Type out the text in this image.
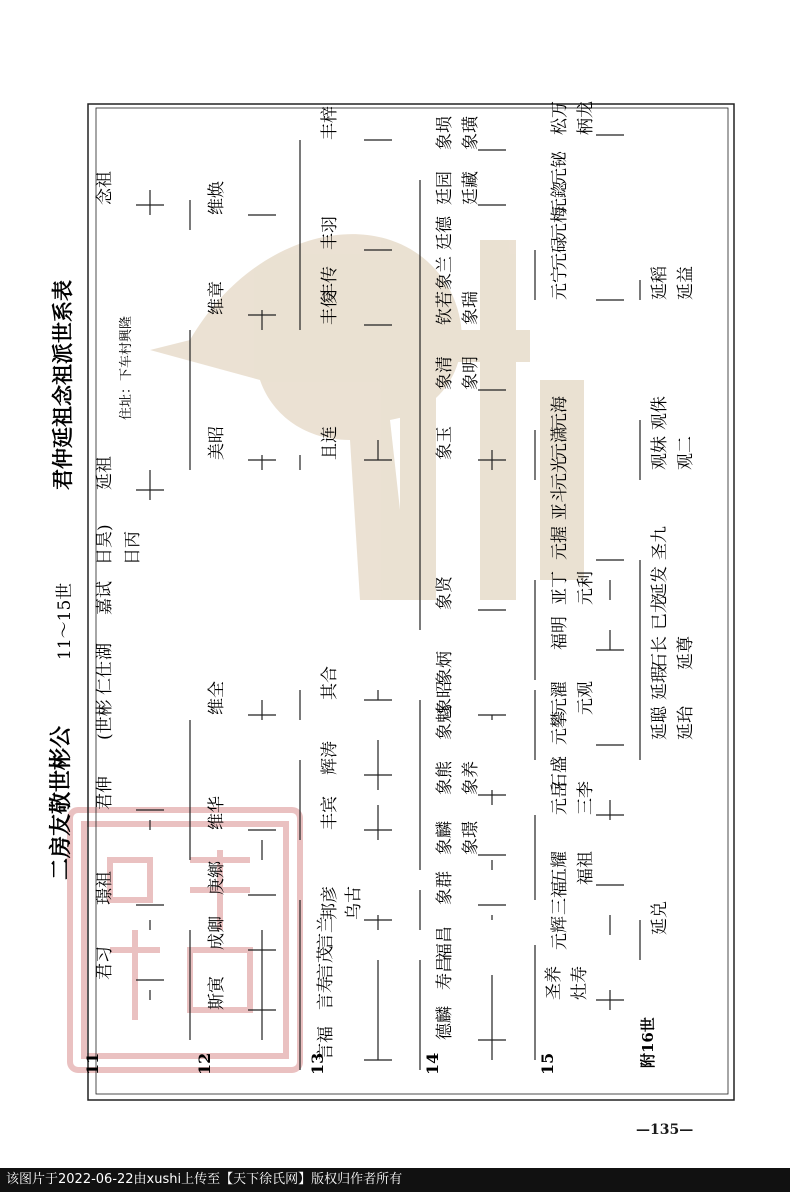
二房友敬世彬公
11～15世
君仲延祖念祖派世系表	住址：下车村興隆
11	12	13	14	15	附16世
君习
璟祖
君伸
(世彬
仁仕
湖
嘉试
日昊) 日丙
延祖
念祖
斯寅
成卿
庚鄉
维华
维全
美昭
维章
维焕
言福
言寿
言茂
言兰
邦彦 乌古
丰宾
辉涛
其合
且连
丰俊
丰传
丰羽
丰梓
德麟
寿昌
福昌
象群
象麟 象璟
象熊 象养
象魁
象昭
象炳
象贤
象玉
象清 象明
钦若 象瑞
象兰
廷德
廷藏
廷园
象埙 象璜
圣养 灶寿
元辉
三福
五耀 福祖
元岳 三李
石盛
元攀
元濯 元观
福明
亚丁 元利
元握
亚斗
元光
元潇
元海
元宁
元碌
元梅
元鍃
元铋
松万 柄龙
延兑
延聪 延珆
延瑕
石长 延尊
已龙
延发
圣九
观妹 观二
观侏
延稻 延益
—135—
该图片于2022-06-22由xushi上传至【天下徐氏网】版权归作者所有
